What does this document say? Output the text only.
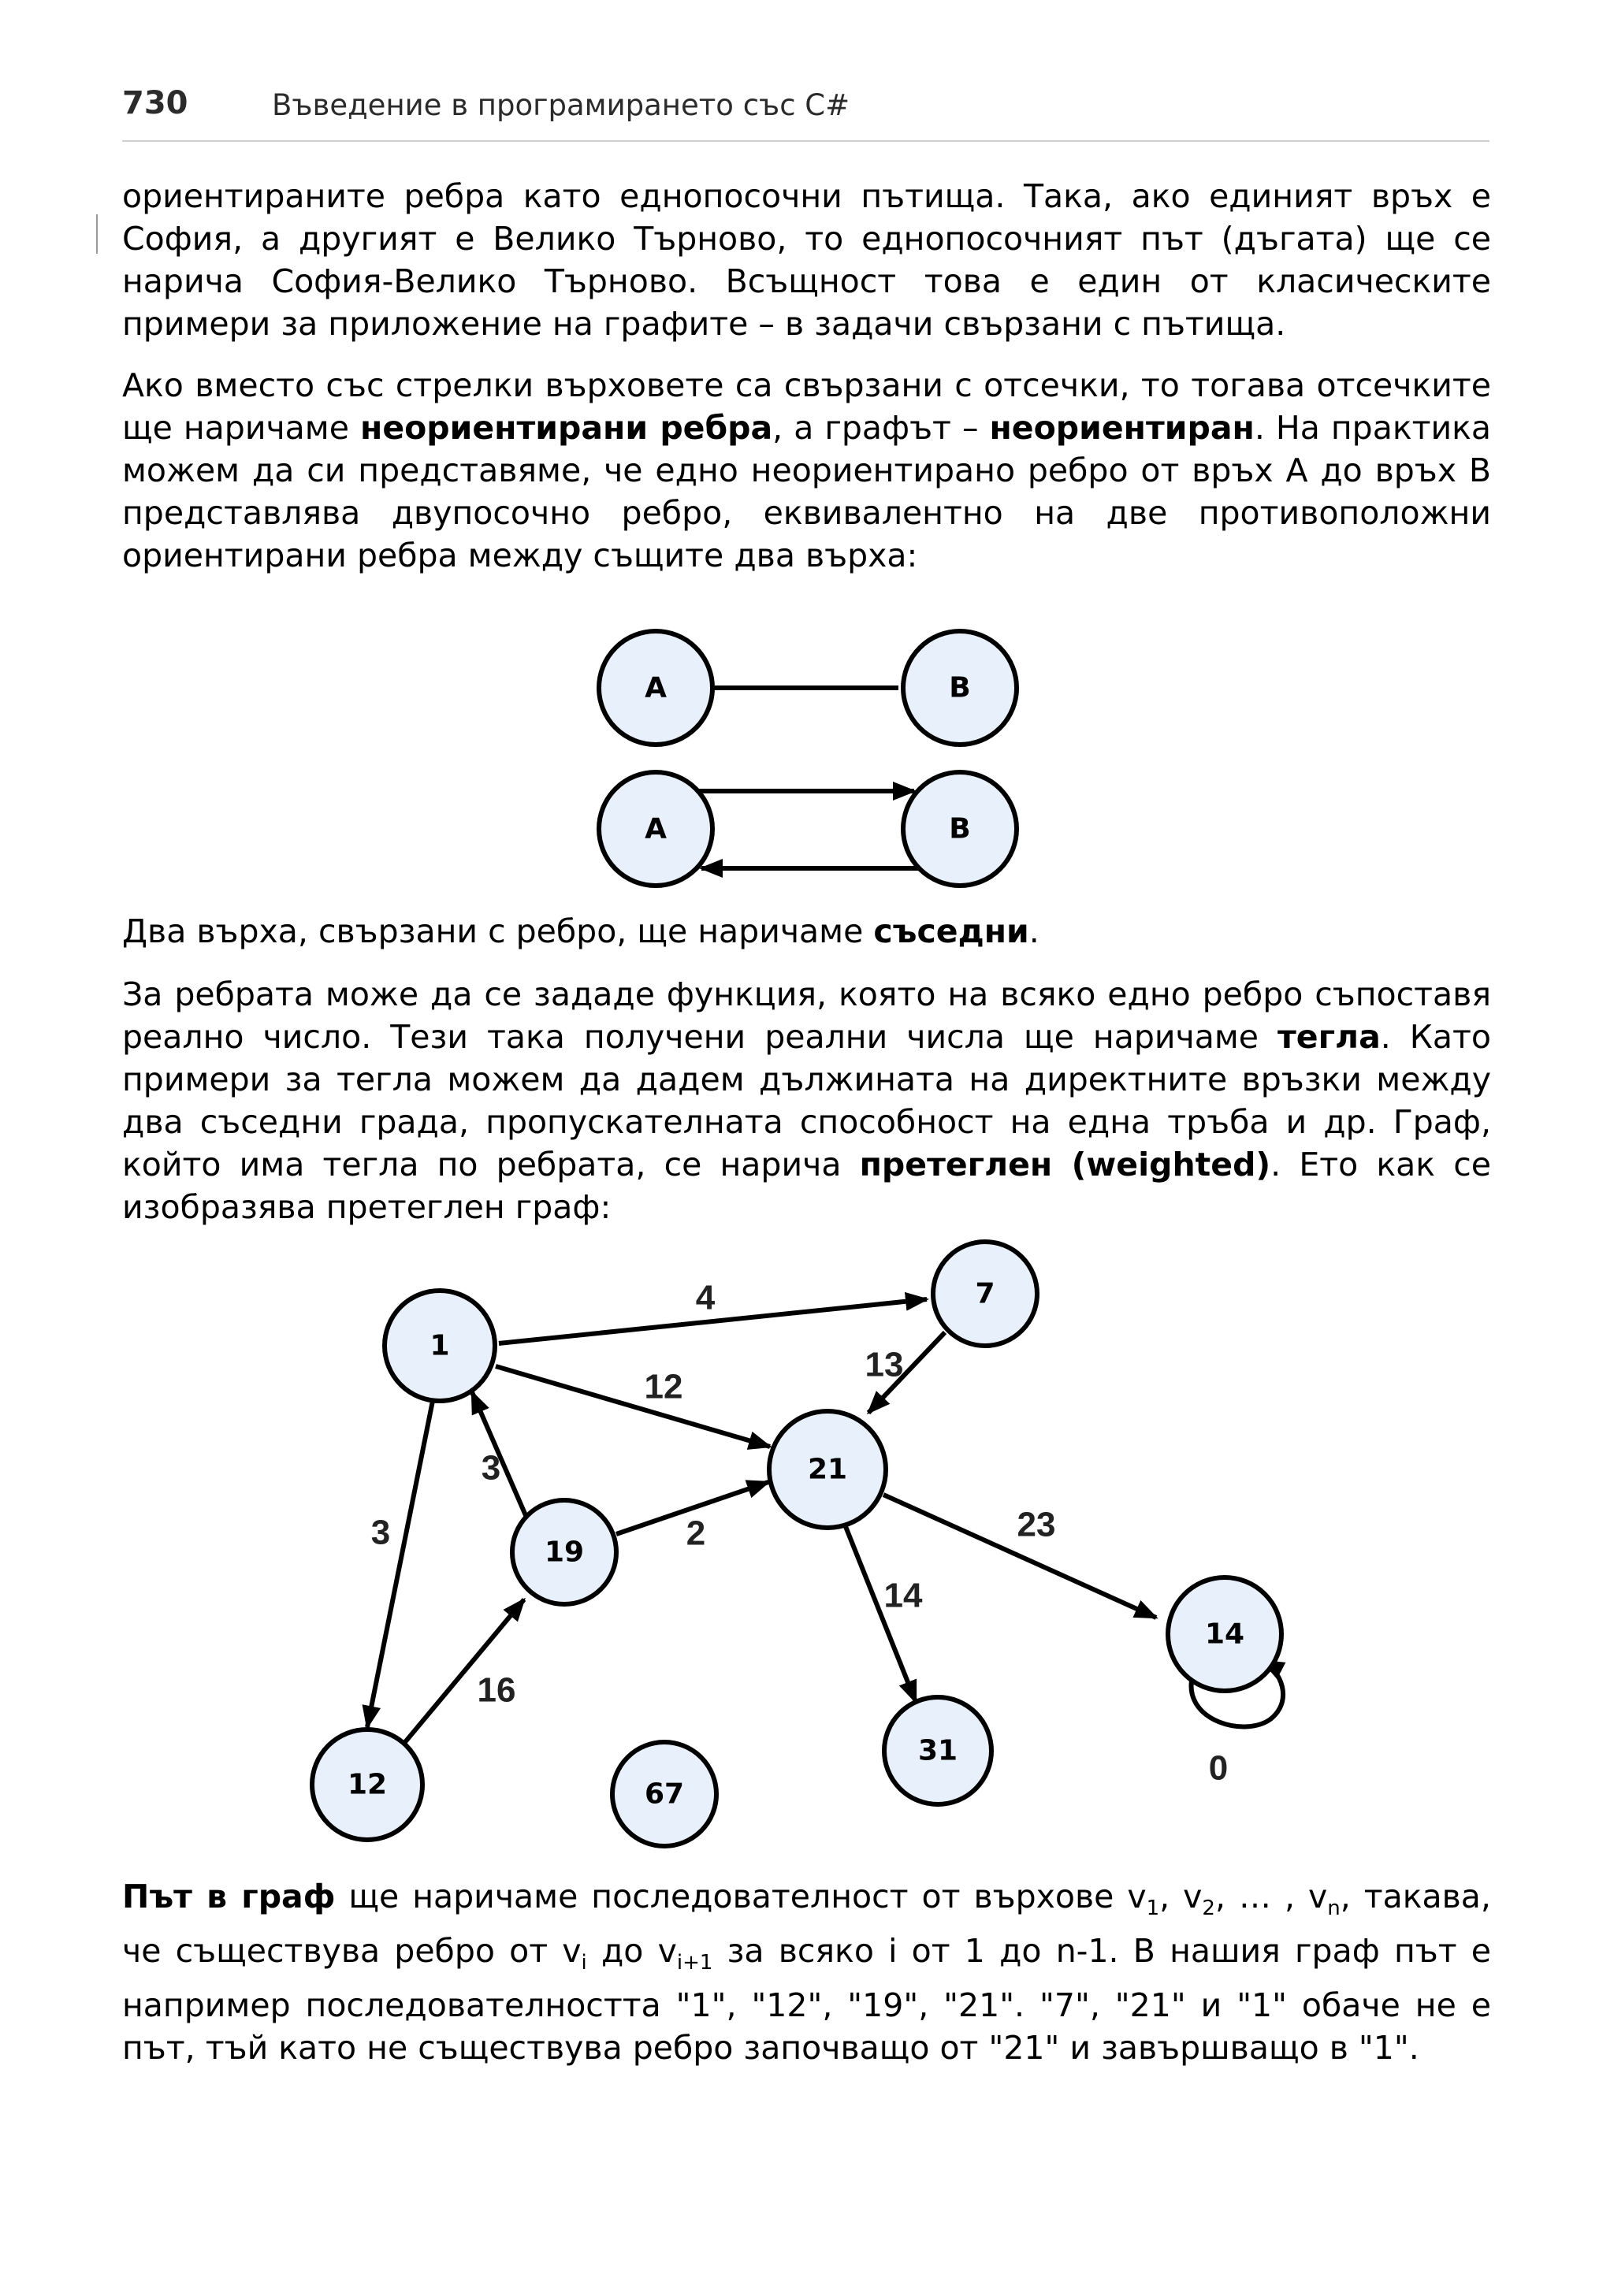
730	Въведение в програмирането със C#

ориентираните ребра като еднопосочни пътища. Така, ако единият връх е София, а другият е Велико Търново, то еднопосочният път (дъгата) ще се нарича София-Велико Търново. Всъщност това е един от класическите примери за приложение на графите – в задачи свързани с пътища.

Ако вместо със стрелки върховете са свързани с отсечки, то тогава отсечките ще наричаме неориентирани ребра, а графът – неориентиран. На практика можем да си представяме, че едно неориентирано ребро от връх A до връх B представлява двупосочно ребро, еквивалентно на две противоположни ориентирани ребра между същите два върха:

A	B
A	B

Два върха, свързани с ребро, ще наричаме съседни.

За ребрата може да се зададе функция, която на всяко едно ребро съпоставя реално число. Тези така получени реални числа ще наричаме тегла. Като примери за тегла можем да дадем дължината на директните връзки между два съседни града, пропускателната способност на една тръба и др. Граф, който има тегла по ребрата, се нарича претеглен (weighted). Ето как се изобразява претеглен граф:

4
12
13
3
3	2
16
23
14
0
1
7
21
19
12
14
31
67

Път в граф ще наричаме последователност от върхове $v_1$, $v_2$, … , $v_n$, такава, че съществува ребро от $v_i$ до $v_{i+1}$ за всяко i от 1 до n-1. В нашия граф път е например последователността "1", "12", "19", "21". "7", "21" и "1" обаче не е път, тъй като не съществува ребро започващо от "21" и завършващо в "1".
